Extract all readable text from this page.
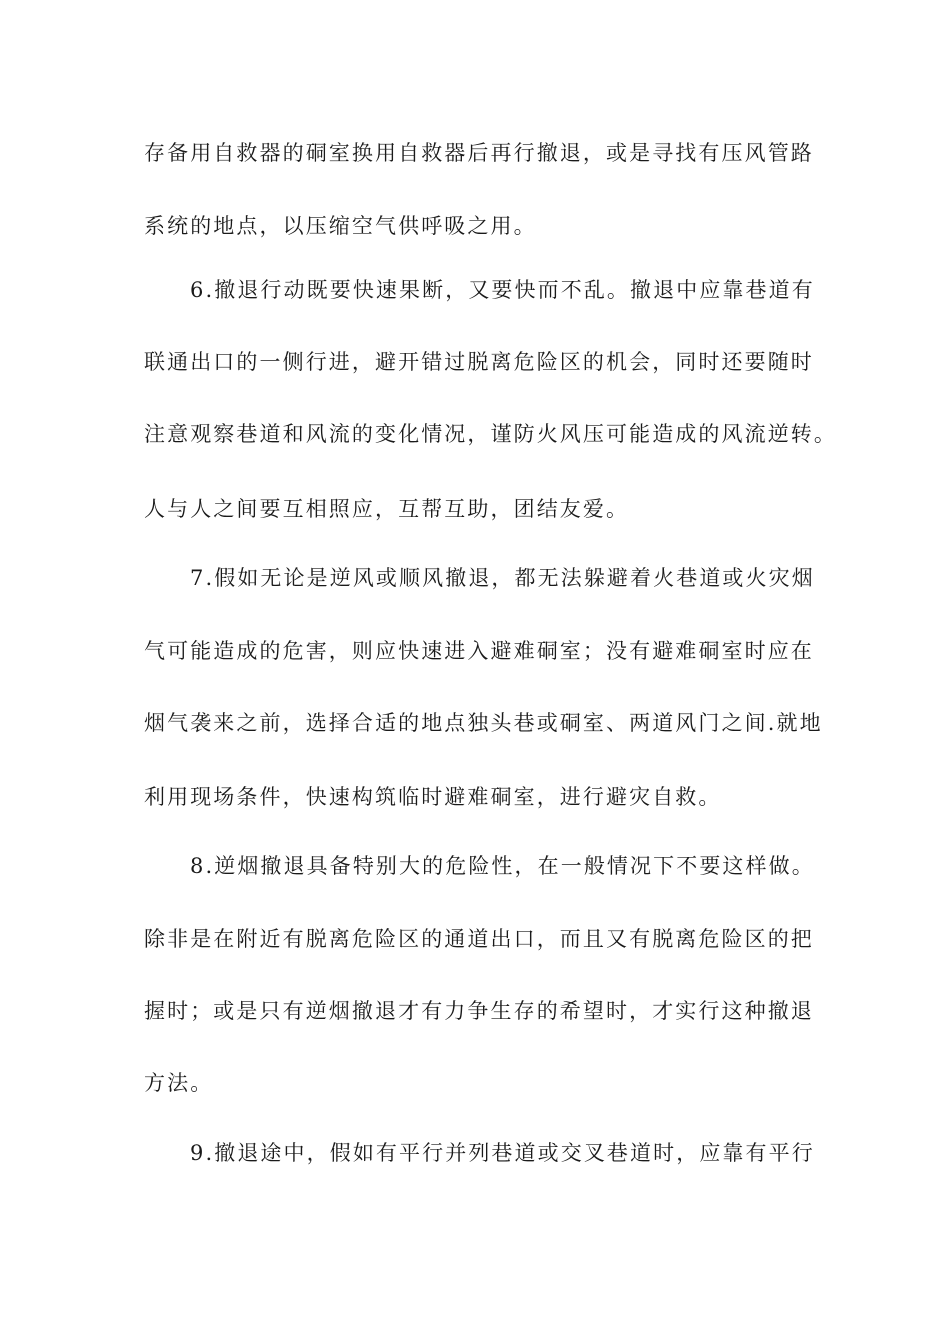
存备用自救器的硐室换用自救器后再行撤退，或是寻找有压风管路
系统的地点，以压缩空气供呼吸之用。
6.撤退行动既要快速果断，又要快而不乱。撤退中应靠巷道有
联通出口的一侧行进，避开错过脱离危险区的机会，同时还要随时
注意观察巷道和风流的变化情况，谨防火风压可能造成的风流逆转。
人与人之间要互相照应，互帮互助，团结友爱。
7.假如无论是逆风或顺风撤退，都无法躲避着火巷道或火灾烟
气可能造成的危害，则应快速进入避难硐室；没有避难硐室时应在
烟气袭来之前，选择合适的地点独头巷或硐室、两道风门之间.就地
利用现场条件，快速构筑临时避难硐室，进行避灾自救。
8.逆烟撤退具备特别大的危险性，在一般情况下不要这样做。
除非是在附近有脱离危险区的通道出口，而且又有脱离危险区的把
握时；或是只有逆烟撤退才有力争生存的希望时，才实行这种撤退
方法。
9.撤退途中，假如有平行并列巷道或交叉巷道时，应靠有平行
